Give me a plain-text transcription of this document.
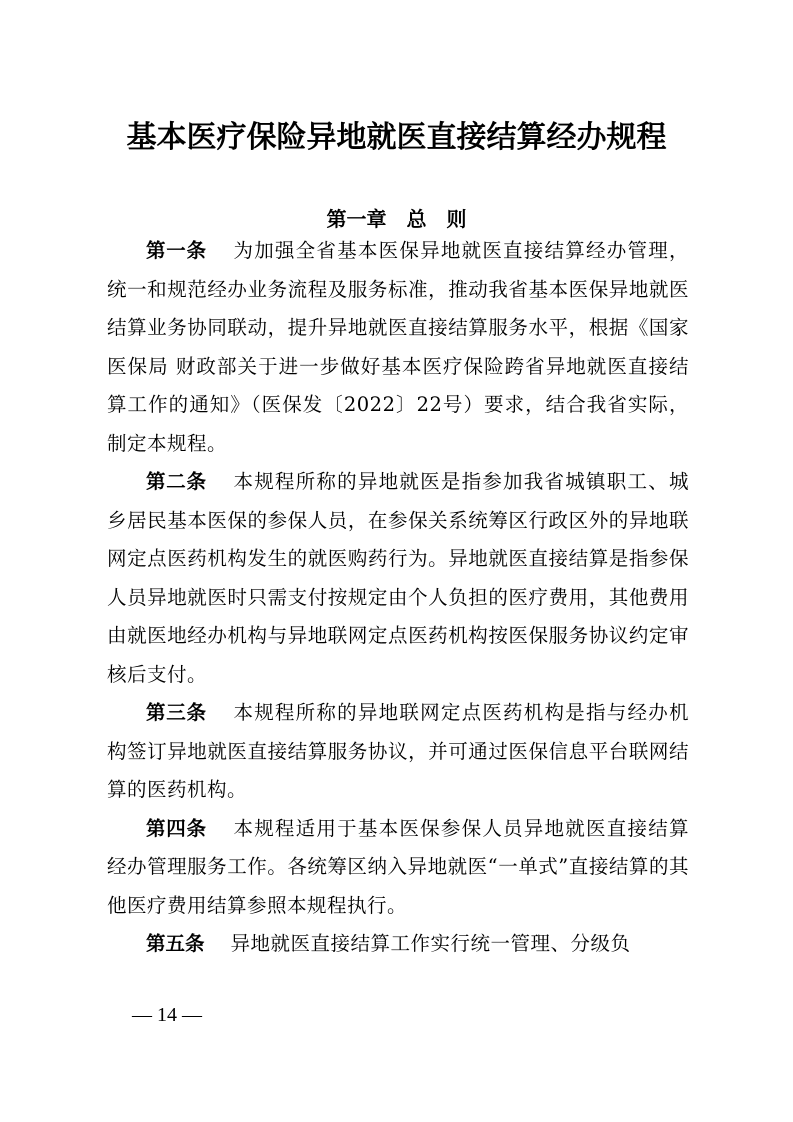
基本医疗保险异地就医直接结算经办规程
第一章　总　则

第一条 为加强全省基本医保异地就医直接结算经办管理，统一和规范经办业务流程及服务标准，推动我省基本医保异地就医结算业务协同联动，提升异地就医直接结算服务水平，根据《国家医保局 财政部关于进一步做好基本医疗保险跨省异地就医直接结算工作的通知》（医保发〔2022〕22号）要求，结合我省实际，制定本规程。

第二条 本规程所称的异地就医是指参加我省城镇职工、城乡居民基本医保的参保人员，在参保关系统筹区行政区外的异地联网定点医药机构发生的就医购药行为。异地就医直接结算是指参保人员异地就医时只需支付按规定由个人负担的医疗费用，其他费用由就医地经办机构与异地联网定点医药机构按医保服务协议约定审核后支付。

第三条 本规程所称的异地联网定点医药机构是指与经办机构签订异地就医直接结算服务协议，并可通过医保信息平台联网结算的医药机构。

第四条 本规程适用于基本医保参保人员异地就医直接结算经办管理服务工作。各统筹区纳入异地就医“一单式”直接结算的其他医疗费用结算参照本规程执行。

第五条 异地就医直接结算工作实行统一管理、分级负

— 14 —
